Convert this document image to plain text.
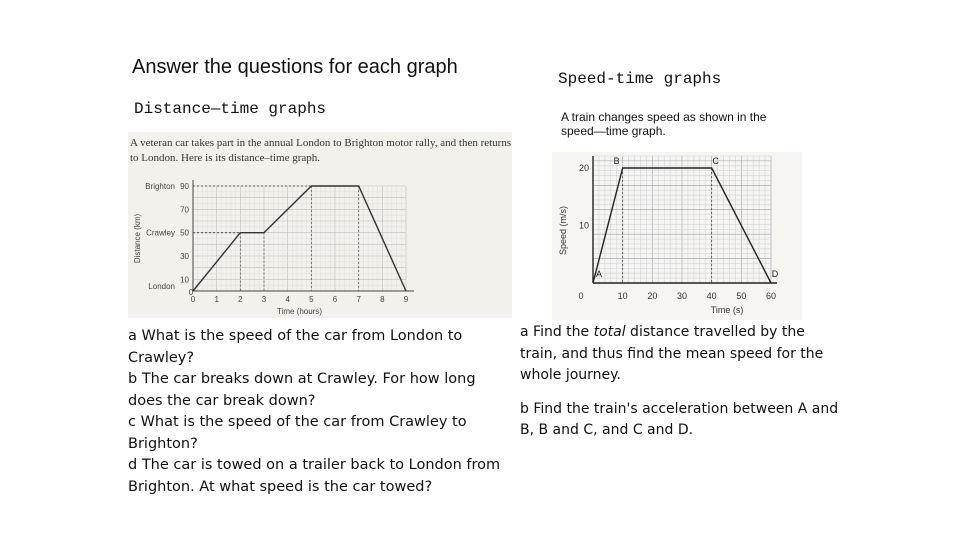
Answer the questions for each graph
Distance—time graphs
Speed-time graphs
A veteran car takes part in the annual London to Brighton motor rally, and then returns to London. Here is its distance–time graph.
0 1 2 3 4 5 6 7 8 9
10
30
50
70
90
0
Brighton
Crawley
London
Time (hours)
Distance (km)
a What is the speed of the car from London to Crawley?
b The car breaks down at Crawley. For how long does the car break down?
c What is the speed of the car from Crawley to Brighton?
d The car is towed on a trailer back to London from Brighton. At what speed is the car towed?
A train changes speed as shown in the speed—time graph.
0	10 20 30 40 50 60
10
20
Time (s)
Speed (m/s)
A
B	C
D
a Find the total distance travelled by the train, and thus find the mean speed for the whole journey.
b Find the train's acceleration between A and B, B and C, and C and D.
